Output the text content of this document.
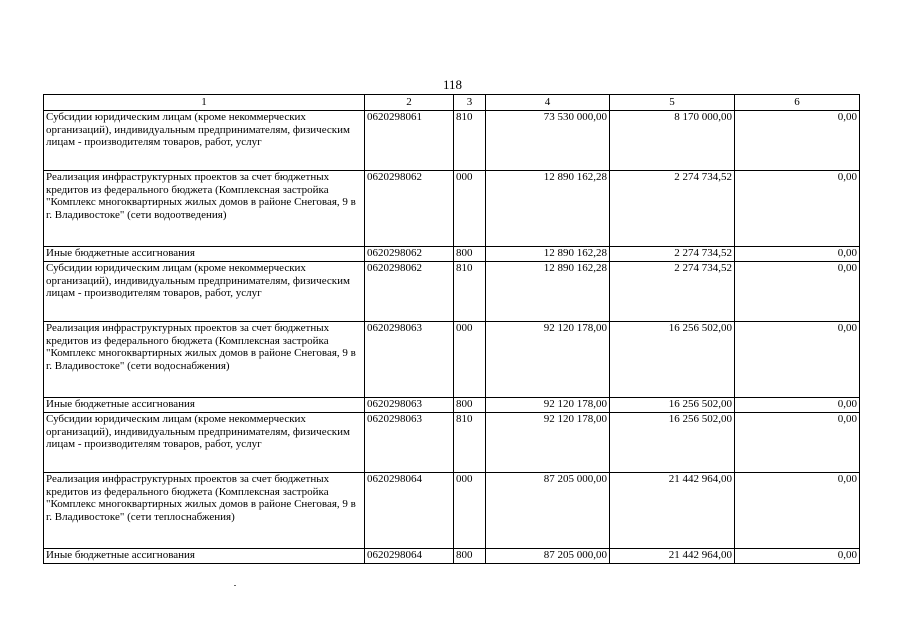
118
1	2	3	4	5	6
Субсидии юридическим лицам (кроме некоммерческих организаций), индивидуальным предпринимателям, физическим лицам - производителям товаров, работ, услуг	0620298061	810	73 530 000,00	8 170 000,00	0,00
Реализация инфраструктурных проектов за счет бюджетных кредитов из федерального бюджета (Комплексная застройка "Комплекс многоквартирных жилых домов в районе Снеговая, 9 в г. Владивостоке" (сети водоотведения)	0620298062	000	12 890 162,28	2 274 734,52	0,00
Иные бюджетные ассигнования	0620298062	800	12 890 162,28	2 274 734,52	0,00
Субсидии юридическим лицам (кроме некоммерческих организаций), индивидуальным предпринимателям, физическим лицам - производителям товаров, работ, услуг	0620298062	810	12 890 162,28	2 274 734,52	0,00
Реализация инфраструктурных проектов за счет бюджетных кредитов из федерального бюджета (Комплексная застройка "Комплекс многоквартирных жилых домов в районе Снеговая, 9 в г. Владивостоке" (сети водоснабжения)	0620298063	000	92 120 178,00	16 256 502,00	0,00
Иные бюджетные ассигнования	0620298063	800	92 120 178,00	16 256 502,00	0,00
Субсидии юридическим лицам (кроме некоммерческих организаций), индивидуальным предпринимателям, физическим лицам - производителям товаров, работ, услуг	0620298063	810	92 120 178,00	16 256 502,00	0,00
Реализация инфраструктурных проектов за счет бюджетных кредитов из федерального бюджета (Комплексная застройка "Комплекс многоквартирных жилых домов в районе Снеговая, 9 в г. Владивостоке" (сети теплоснабжения)	0620298064	000	87 205 000,00	21 442 964,00	0,00
Иные бюджетные ассигнования	0620298064	800	87 205 000,00	21 442 964,00	0,00
